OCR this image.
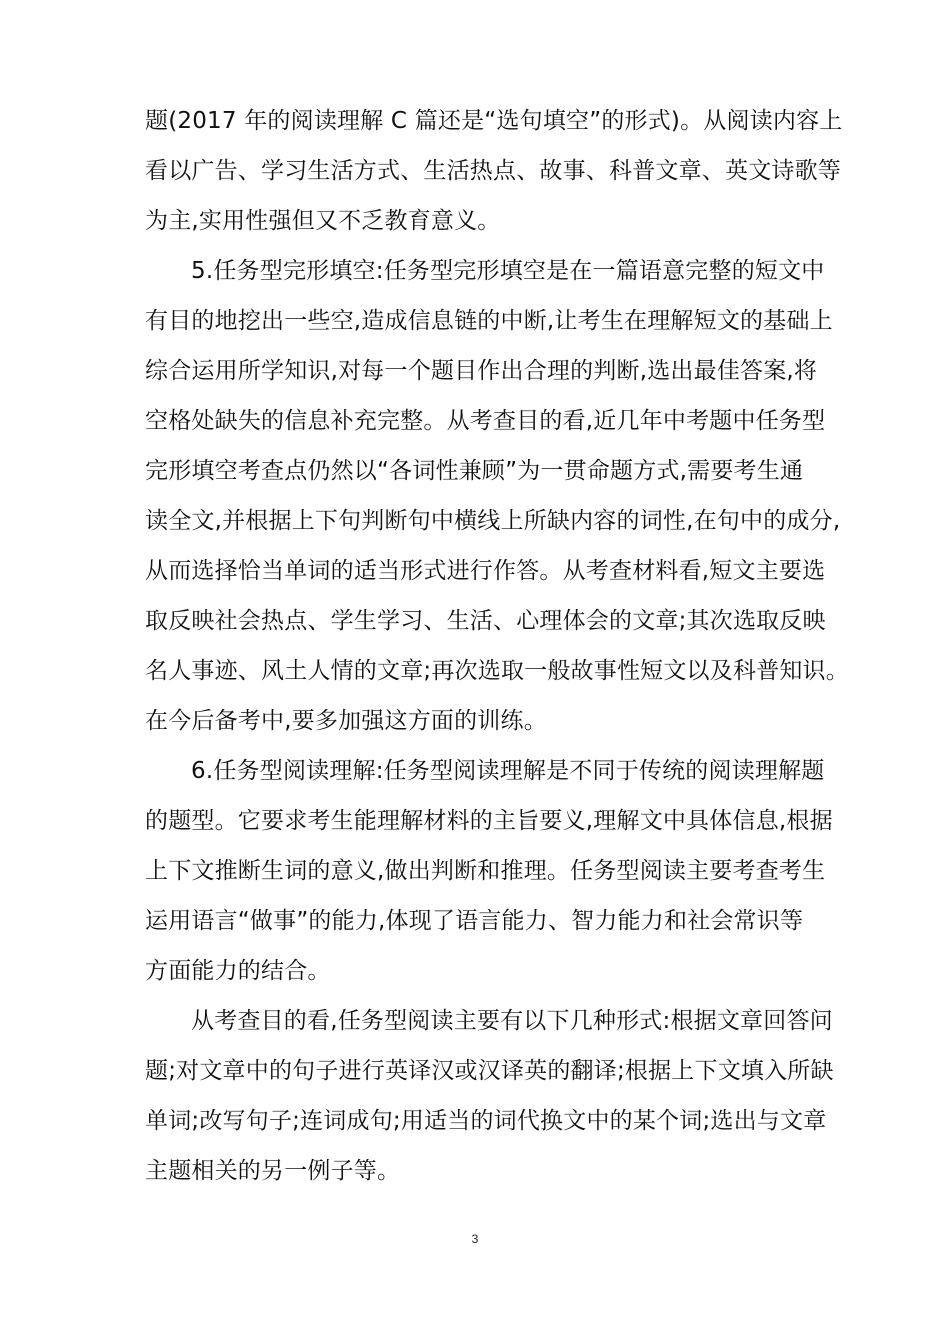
题(2017 年的阅读理解 C 篇还是“选句填空”的形式)。从阅读内容上
看以广告、学习生活方式、生活热点、故事、科普文章、英文诗歌等
为主,实用性强但又不乏教育意义。
5.任务型完形填空:任务型完形填空是在一篇语意完整的短文中
有目的地挖出一些空,造成信息链的中断,让考生在理解短文的基础上
综合运用所学知识,对每一个题目作出合理的判断,选出最佳答案,将
空格处缺失的信息补充完整。从考查目的看,近几年中考题中任务型
完形填空考查点仍然以“各词性兼顾”为一贯命题方式,需要考生通
读全文,并根据上下句判断句中横线上所缺内容的词性,在句中的成分,
从而选择恰当单词的适当形式进行作答。从考查材料看,短文主要选
取反映社会热点、学生学习、生活、心理体会的文章;其次选取反映
名人事迹、风土人情的文章;再次选取一般故事性短文以及科普知识。
在今后备考中,要多加强这方面的训练。
6.任务型阅读理解:任务型阅读理解是不同于传统的阅读理解题
的题型。它要求考生能理解材料的主旨要义,理解文中具体信息,根据
上下文推断生词的意义,做出判断和推理。任务型阅读主要考查考生
运用语言“做事”的能力,体现了语言能力、智力能力和社会常识等
方面能力的结合。
从考查目的看,任务型阅读主要有以下几种形式:根据文章回答问
题;对文章中的句子进行英译汉或汉译英的翻译;根据上下文填入所缺
单词;改写句子;连词成句;用适当的词代换文中的某个词;选出与文章
主题相关的另一例子等。
3
